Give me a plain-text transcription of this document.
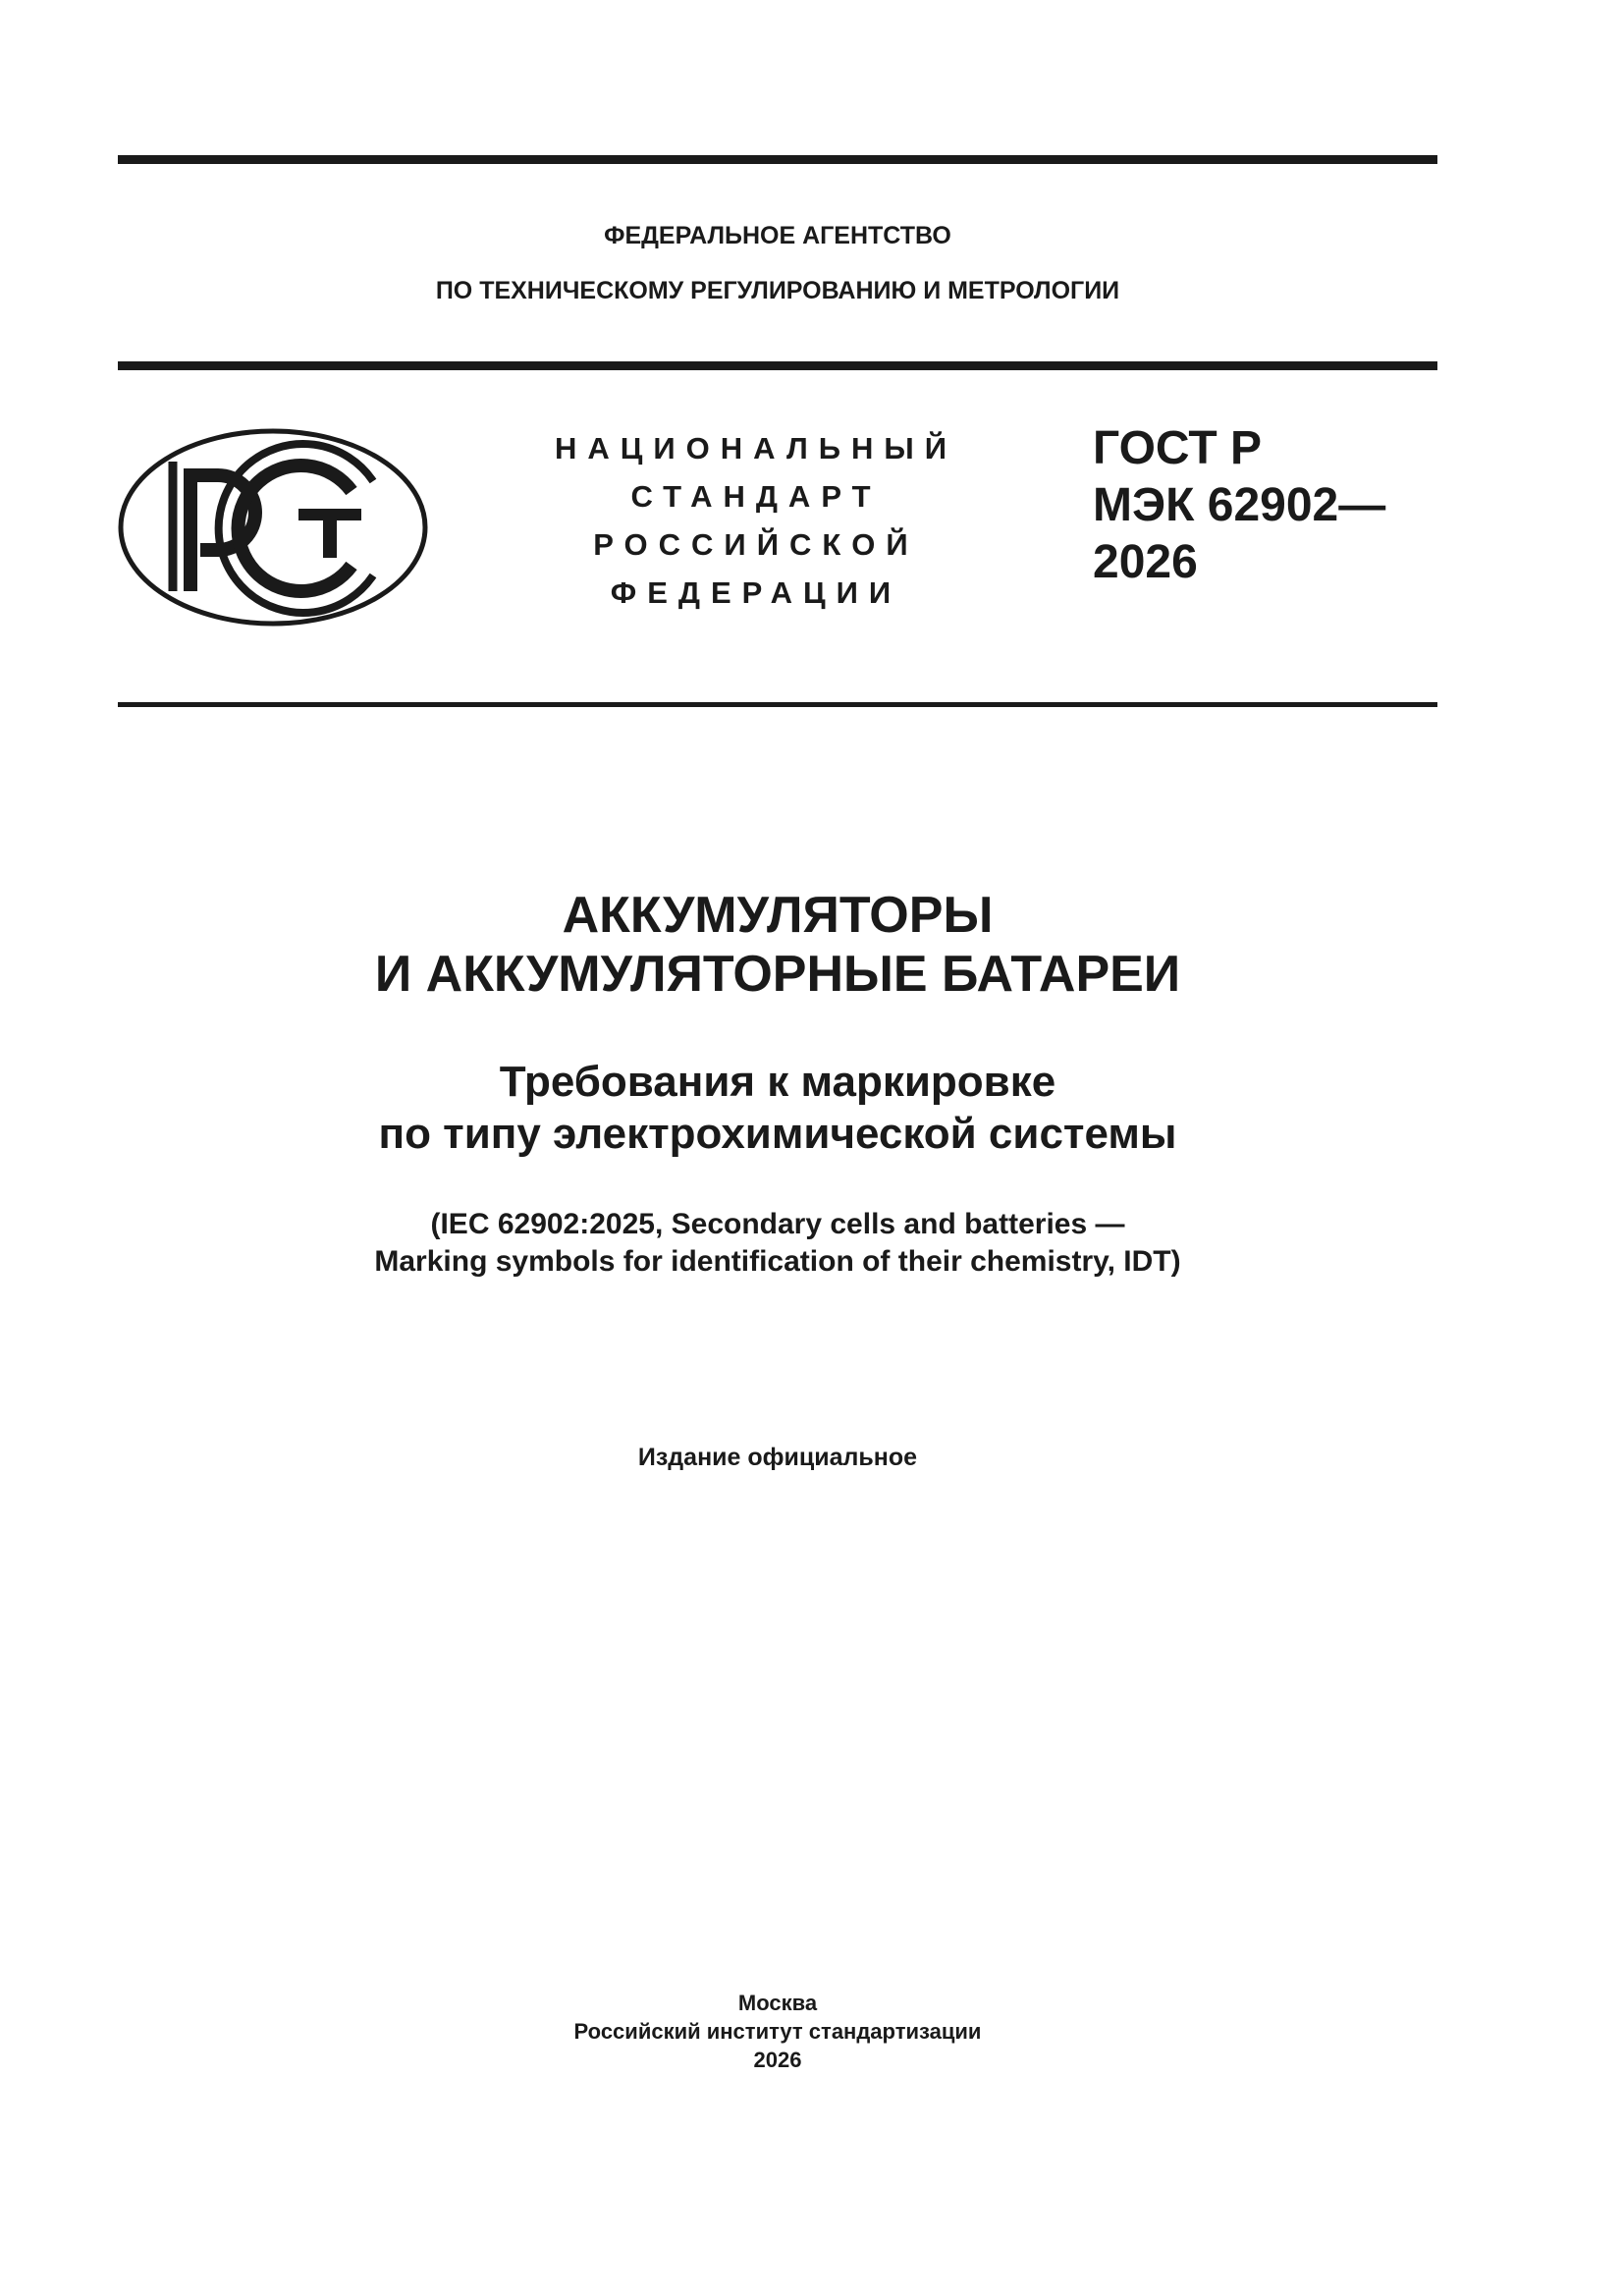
ФЕДЕРАЛЬНОЕ АГЕНТСТВО
ПО ТЕХНИЧЕСКОМУ РЕГУЛИРОВАНИЮ И МЕТРОЛОГИИ
НАЦИОНАЛЬНЫЙ
СТАНДАРТ
РОССИЙСКОЙ
ФЕДЕРАЦИИ
ГОСТ Р
МЭК 62902—
2026
АККУМУЛЯТОРЫ
И АККУМУЛЯТОРНЫЕ БАТАРЕИ
Требования к маркировке
по типу электрохимической системы
(IEC 62902:2025, Secondary cells and batteries —
Marking symbols for identification of their chemistry, IDT)
Издание официальное
Москва
Российский институт стандартизации
2026
